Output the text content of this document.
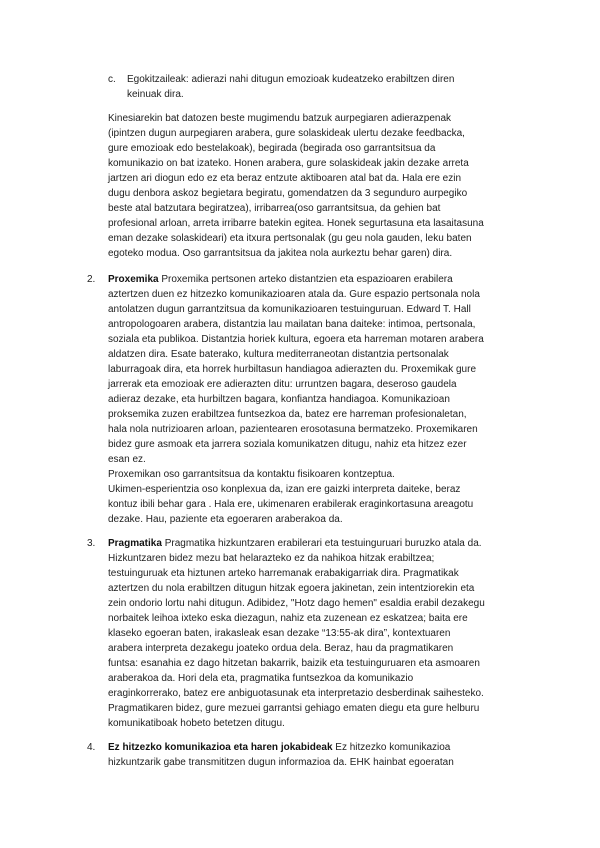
c. Egokitzaileak: adierazi nahi ditugun emozioak kudeatzeko erabiltzen diren
keinuak dira.

Kinesiarekin bat datozen beste mugimendu batzuk aurpegiaren adierazpenak
(ipintzen dugun aurpegiaren arabera, gure solaskideak ulertu dezake feedbacka,
gure emozioak edo bestelakoak), begirada (begirada oso garrantsitsua da
komunikazio on bat izateko. Honen arabera, gure solaskideak jakin dezake arreta
jartzen ari diogun edo ez eta beraz entzute aktiboaren atal bat da. Hala ere ezin
dugu denbora askoz begietara begiratu, gomendatzen da 3 segunduro aurpegiko
beste atal batzutara begiratzea), irribarrea(oso garrantsitsua, da gehien bat
profesional arloan, arreta irribarre batekin egitea. Honek segurtasuna eta lasaitasuna
eman dezake solaskideari) eta itxura pertsonalak (gu geu nola gauden, leku baten
egoteko modua. Oso garrantsitsua da jakitea nola aurkeztu behar garen) dira.

2. Proxemika Proxemika pertsonen arteko distantzien eta espazioaren erabilera
aztertzen duen ez hitzezko komunikazioaren atala da. Gure espazio pertsonala nola
antolatzen dugun garrantzitsua da komunikazioaren testuinguruan. Edward T. Hall
antropologoaren arabera, distantzia lau mailatan bana daiteke: intimoa, pertsonala,
soziala eta publikoa. Distantzia horiek kultura, egoera eta harreman motaren arabera
aldatzen dira. Esate baterako, kultura mediterraneotan distantzia pertsonalak
laburragoak dira, eta horrek hurbiltasun handiagoa adierazten du. Proxemikak gure
jarrerak eta emozioak ere adierazten ditu: urruntzen bagara, deseroso gaudela
adieraz dezake, eta hurbiltzen bagara, konfiantza handiagoa. Komunikazioan
proksemika zuzen erabiltzea funtsezkoa da, batez ere harreman profesionaletan,
hala nola nutrizioaren arloan, pazientearen erosotasuna bermatzeko. Proxemikaren
bidez gure asmoak eta jarrera soziala komunikatzen ditugu, nahiz eta hitzez ezer
esan ez.
Proxemikan oso garrantsitsua da kontaktu fisikoaren kontzeptua.
Ukimen-esperientzia oso konplexua da, izan ere gaizki interpreta daiteke, beraz
kontuz ibili behar gara . Hala ere, ukimenaren erabilerak eraginkortasuna areagotu
dezake. Hau, paziente eta egoeraren araberakoa da.

3. Pragmatika Pragmatika hizkuntzaren erabilerari eta testuinguruari buruzko atala da.
Hizkuntzaren bidez mezu bat helarazteko ez da nahikoa hitzak erabiltzea;
testuinguruak eta hiztunen arteko harremanak erabakigarriak dira. Pragmatikak
aztertzen du nola erabiltzen ditugun hitzak egoera jakinetan, zein intentziorekin eta
zein ondorio lortu nahi ditugun. Adibidez, "Hotz dago hemen" esaldia erabil dezakegu
norbaitek leihoa ixteko eska diezagun, nahiz eta zuzenean ez eskatzea; baita ere
klaseko egoeran baten, irakasleak esan dezake “13:55-ak dira”, kontextuaren
arabera interpreta dezakegu joateko ordua dela. Beraz, hau da pragmatikaren
funtsa: esanahia ez dago hitzetan bakarrik, baizik eta testuinguruaren eta asmoaren
araberakoa da. Hori dela eta, pragmatika funtsezkoa da komunikazio
eraginkorrerako, batez ere anbiguotasunak eta interpretazio desberdinak saihesteko.
Pragmatikaren bidez, gure mezuei garrantsi gehiago ematen diegu eta gure helburu
komunikatiboak hobeto betetzen ditugu.

4. Ez hitzezko komunikazioa eta haren jokabideak Ez hitzezko komunikazioa
hizkuntzarik gabe transmititzen dugun informazioa da. EHK hainbat egoeratan
